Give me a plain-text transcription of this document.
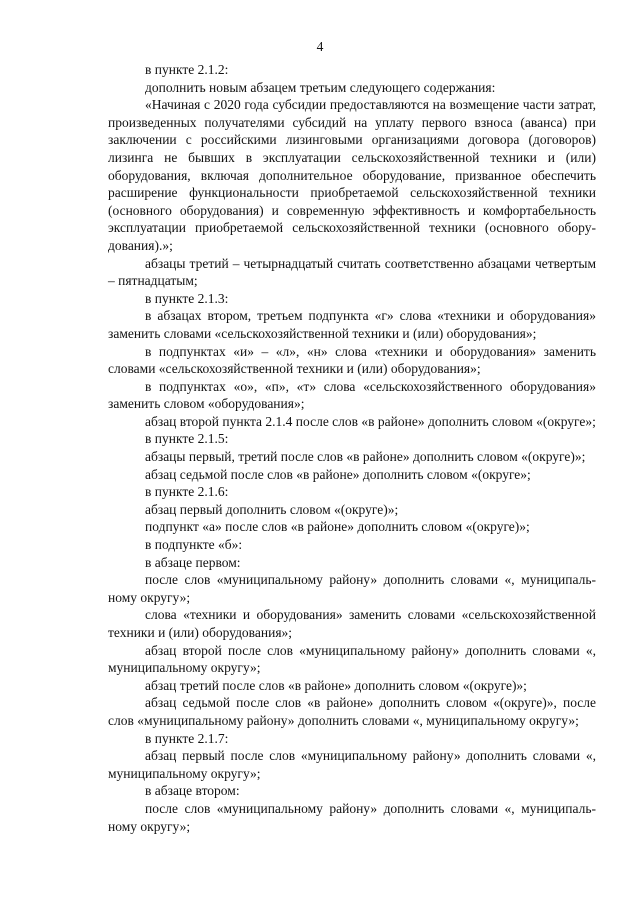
4

в пункте 2.1.2:

дополнить новым абзацем третьим следующего содержания:

«Начиная с 2020 года субсидии предоставляются на возмещение части затрат, произведенных получателями субсидий на уплату первого взноса (аванса) при заключении с российскими лизинговыми организациями договора (договоров) лизинга не бывших в эксплуатации сельскохозяйственной техники и (или) оборудования, включая дополнительное оборудование, призванное обеспечить расширение функциональности приобретаемой сельскохозяйственной техники (основного оборудования) и современную эффективность и комфортабельность эксплуатации приобретаемой сельскохозяйственной техники (основного оборудования).»;

абзацы третий – четырнадцатый считать соответственно абзацами четвертым – пятнадцатым;

в пункте 2.1.3:

в абзацах втором, третьем подпункта «г» слова «техники и оборудования» заменить словами «сельскохозяйственной техники и (или) оборудования»;

в подпунктах «и» – «л», «н» слова «техники и оборудования» заменить словами «сельскохозяйственной техники и (или) оборудования»;

в подпунктах «о», «п», «т» слова «сельскохозяйственного оборудования» заменить словом «оборудования»;

абзац второй пункта 2.1.4 после слов «в районе» дополнить словом «(округе»;

в пункте 2.1.5:

абзацы первый, третий после слов «в районе» дополнить словом «(округе)»;

абзац седьмой после слов «в районе» дополнить словом «(округе»;

в пункте 2.1.6:

абзац первый дополнить словом «(округе)»;

подпункт «а» после слов «в районе» дополнить словом «(округе)»;

в подпункте «б»:

в абзаце первом:

после слов «муниципальному району» дополнить словами «, муниципальному округу»;

слова «техники и оборудования» заменить словами «сельскохозяйственной техники и (или) оборудования»;

абзац второй после слов «муниципальному району» дополнить словами «, муниципальному округу»;

абзац третий после слов «в районе» дополнить словом «(округе)»;

абзац седьмой после слов «в районе» дополнить словом «(округе)», после слов «муниципальному району» дополнить словами «, муниципальному округу»;

в пункте 2.1.7:

абзац первый после слов «муниципальному району» дополнить словами «, муниципальному округу»;

в абзаце втором:

после слов «муниципальному району» дополнить словами «, муниципальному округу»;
